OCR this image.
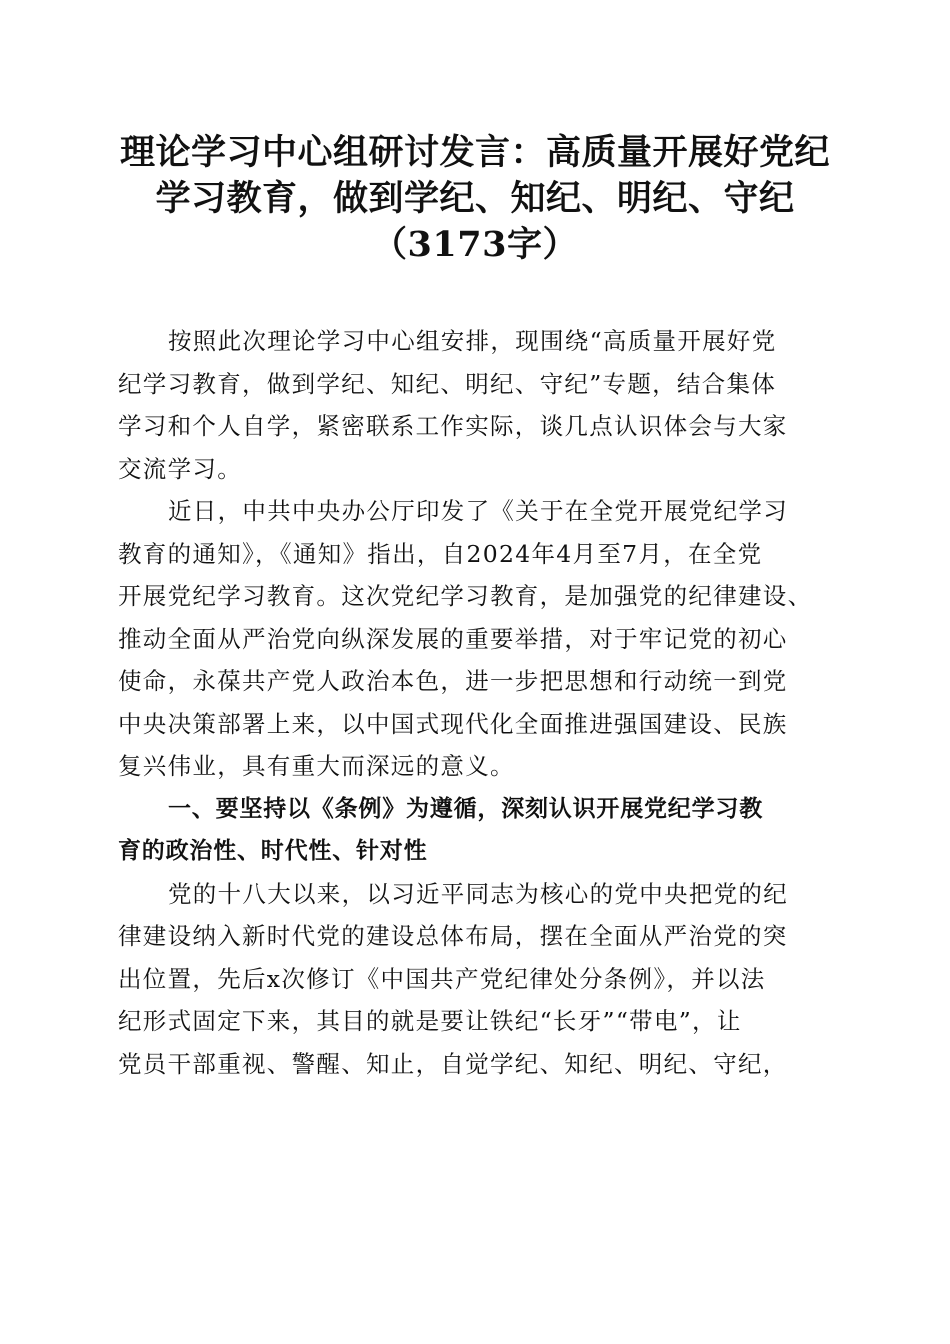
理论学习中心组研讨发言：高质量开展好党纪
学习教育，做到学纪、知纪、明纪、守纪
（3173字）
按照此次理论学习中心组安排，现围绕“高质量开展好党
纪学习教育，做到学纪、知纪、明纪、守纪”专题，结合集体
学习和个人自学，紧密联系工作实际，谈几点认识体会与大家
交流学习。
近日，中共中央办公厅印发了《关于在全党开展党纪学习
教育的通知》，《通知》指出，自2024年4月至7月，在全党
开展党纪学习教育。这次党纪学习教育，是加强党的纪律建设、
推动全面从严治党向纵深发展的重要举措，对于牢记党的初心
使命，永葆共产党人政治本色，进一步把思想和行动统一到党
中央决策部署上来，以中国式现代化全面推进强国建设、民族
复兴伟业，具有重大而深远的意义。
一、要坚持以《条例》为遵循，深刻认识开展党纪学习教
育的政治性、时代性、针对性
党的十八大以来，以习近平同志为核心的党中央把党的纪
律建设纳入新时代党的建设总体布局，摆在全面从严治党的突
出位置，先后x次修订《中国共产党纪律处分条例》，并以法
纪形式固定下来，其目的就是要让铁纪“长牙”“带电”，让
党员干部重视、警醒、知止，自觉学纪、知纪、明纪、守纪，
